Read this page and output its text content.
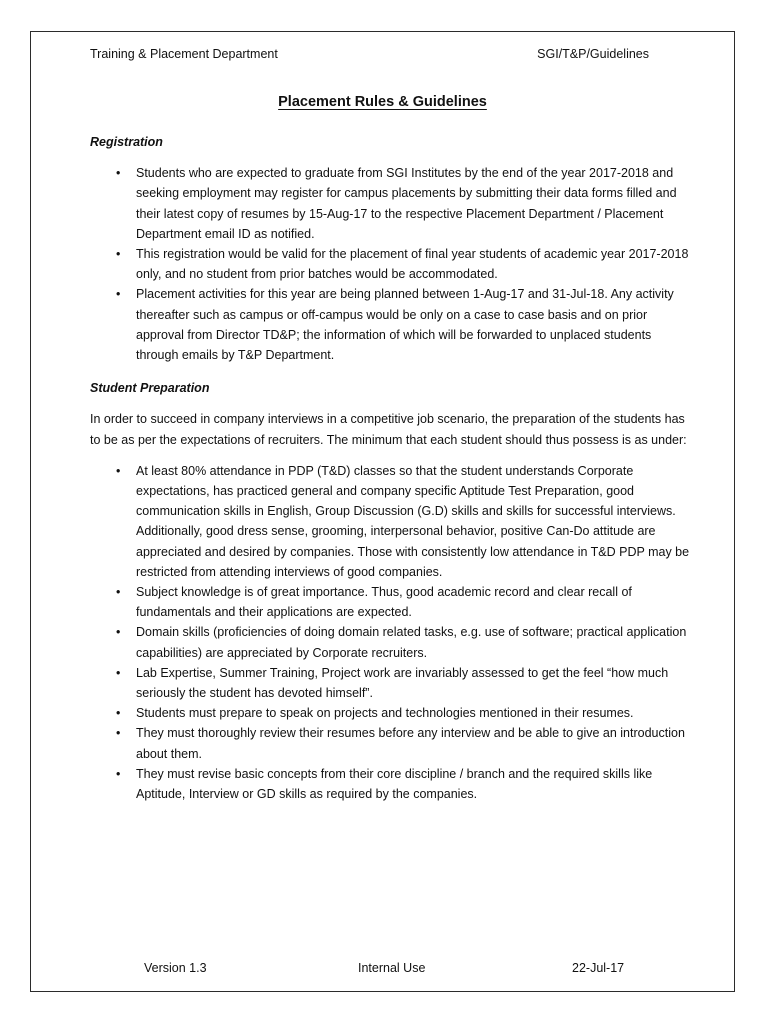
Training & Placement Department	SGI/T&P/Guidelines
Placement Rules & Guidelines
Registration
• Students who are expected to graduate from SGI Institutes by the end of the year 2017-2018 and seeking employment may register for campus placements by submitting their data forms filled and their latest copy of resumes by 15-Aug-17 to the respective Placement Department / Placement Department email ID as notified.
• This registration would be valid for the placement of final year students of academic year 2017-2018 only, and no student from prior batches would be accommodated.
• Placement activities for this year are being planned between 1-Aug-17 and 31-Jul-18. Any activity thereafter such as campus or off-campus would be only on a case to case basis and on prior approval from Director TD&P; the information of which will be forwarded to unplaced students through emails by T&P Department.
Student Preparation

In order to succeed in company interviews in a competitive job scenario, the preparation of the students has to be as per the expectations of recruiters. The minimum that each student should thus possess is as under:

• At least 80% attendance in PDP (T&D) classes so that the student understands Corporate expectations, has practiced general and company specific Aptitude Test Preparation, good communication skills in English, Group Discussion (G.D) skills and skills for successful interviews. Additionally, good dress sense, grooming, interpersonal behavior, positive Can-Do attitude are appreciated and desired by companies. Those with consistently low attendance in T&D PDP may be restricted from attending interviews of good companies.
• Subject knowledge is of great importance. Thus, good academic record and clear recall of fundamentals and their applications are expected.
• Domain skills (proficiencies of doing domain related tasks, e.g. use of software; practical application capabilities) are appreciated by Corporate recruiters.
• Lab Expertise, Summer Training, Project work are invariably assessed to get the feel “how much seriously the student has devoted himself”.
• Students must prepare to speak on projects and technologies mentioned in their resumes.
• They must thoroughly review their resumes before any interview and be able to give an introduction about them.
• They must revise basic concepts from their core discipline / branch and the required skills like Aptitude, Interview or GD skills as required by the companies.
Version 1.3	Internal Use	22-Jul-17
